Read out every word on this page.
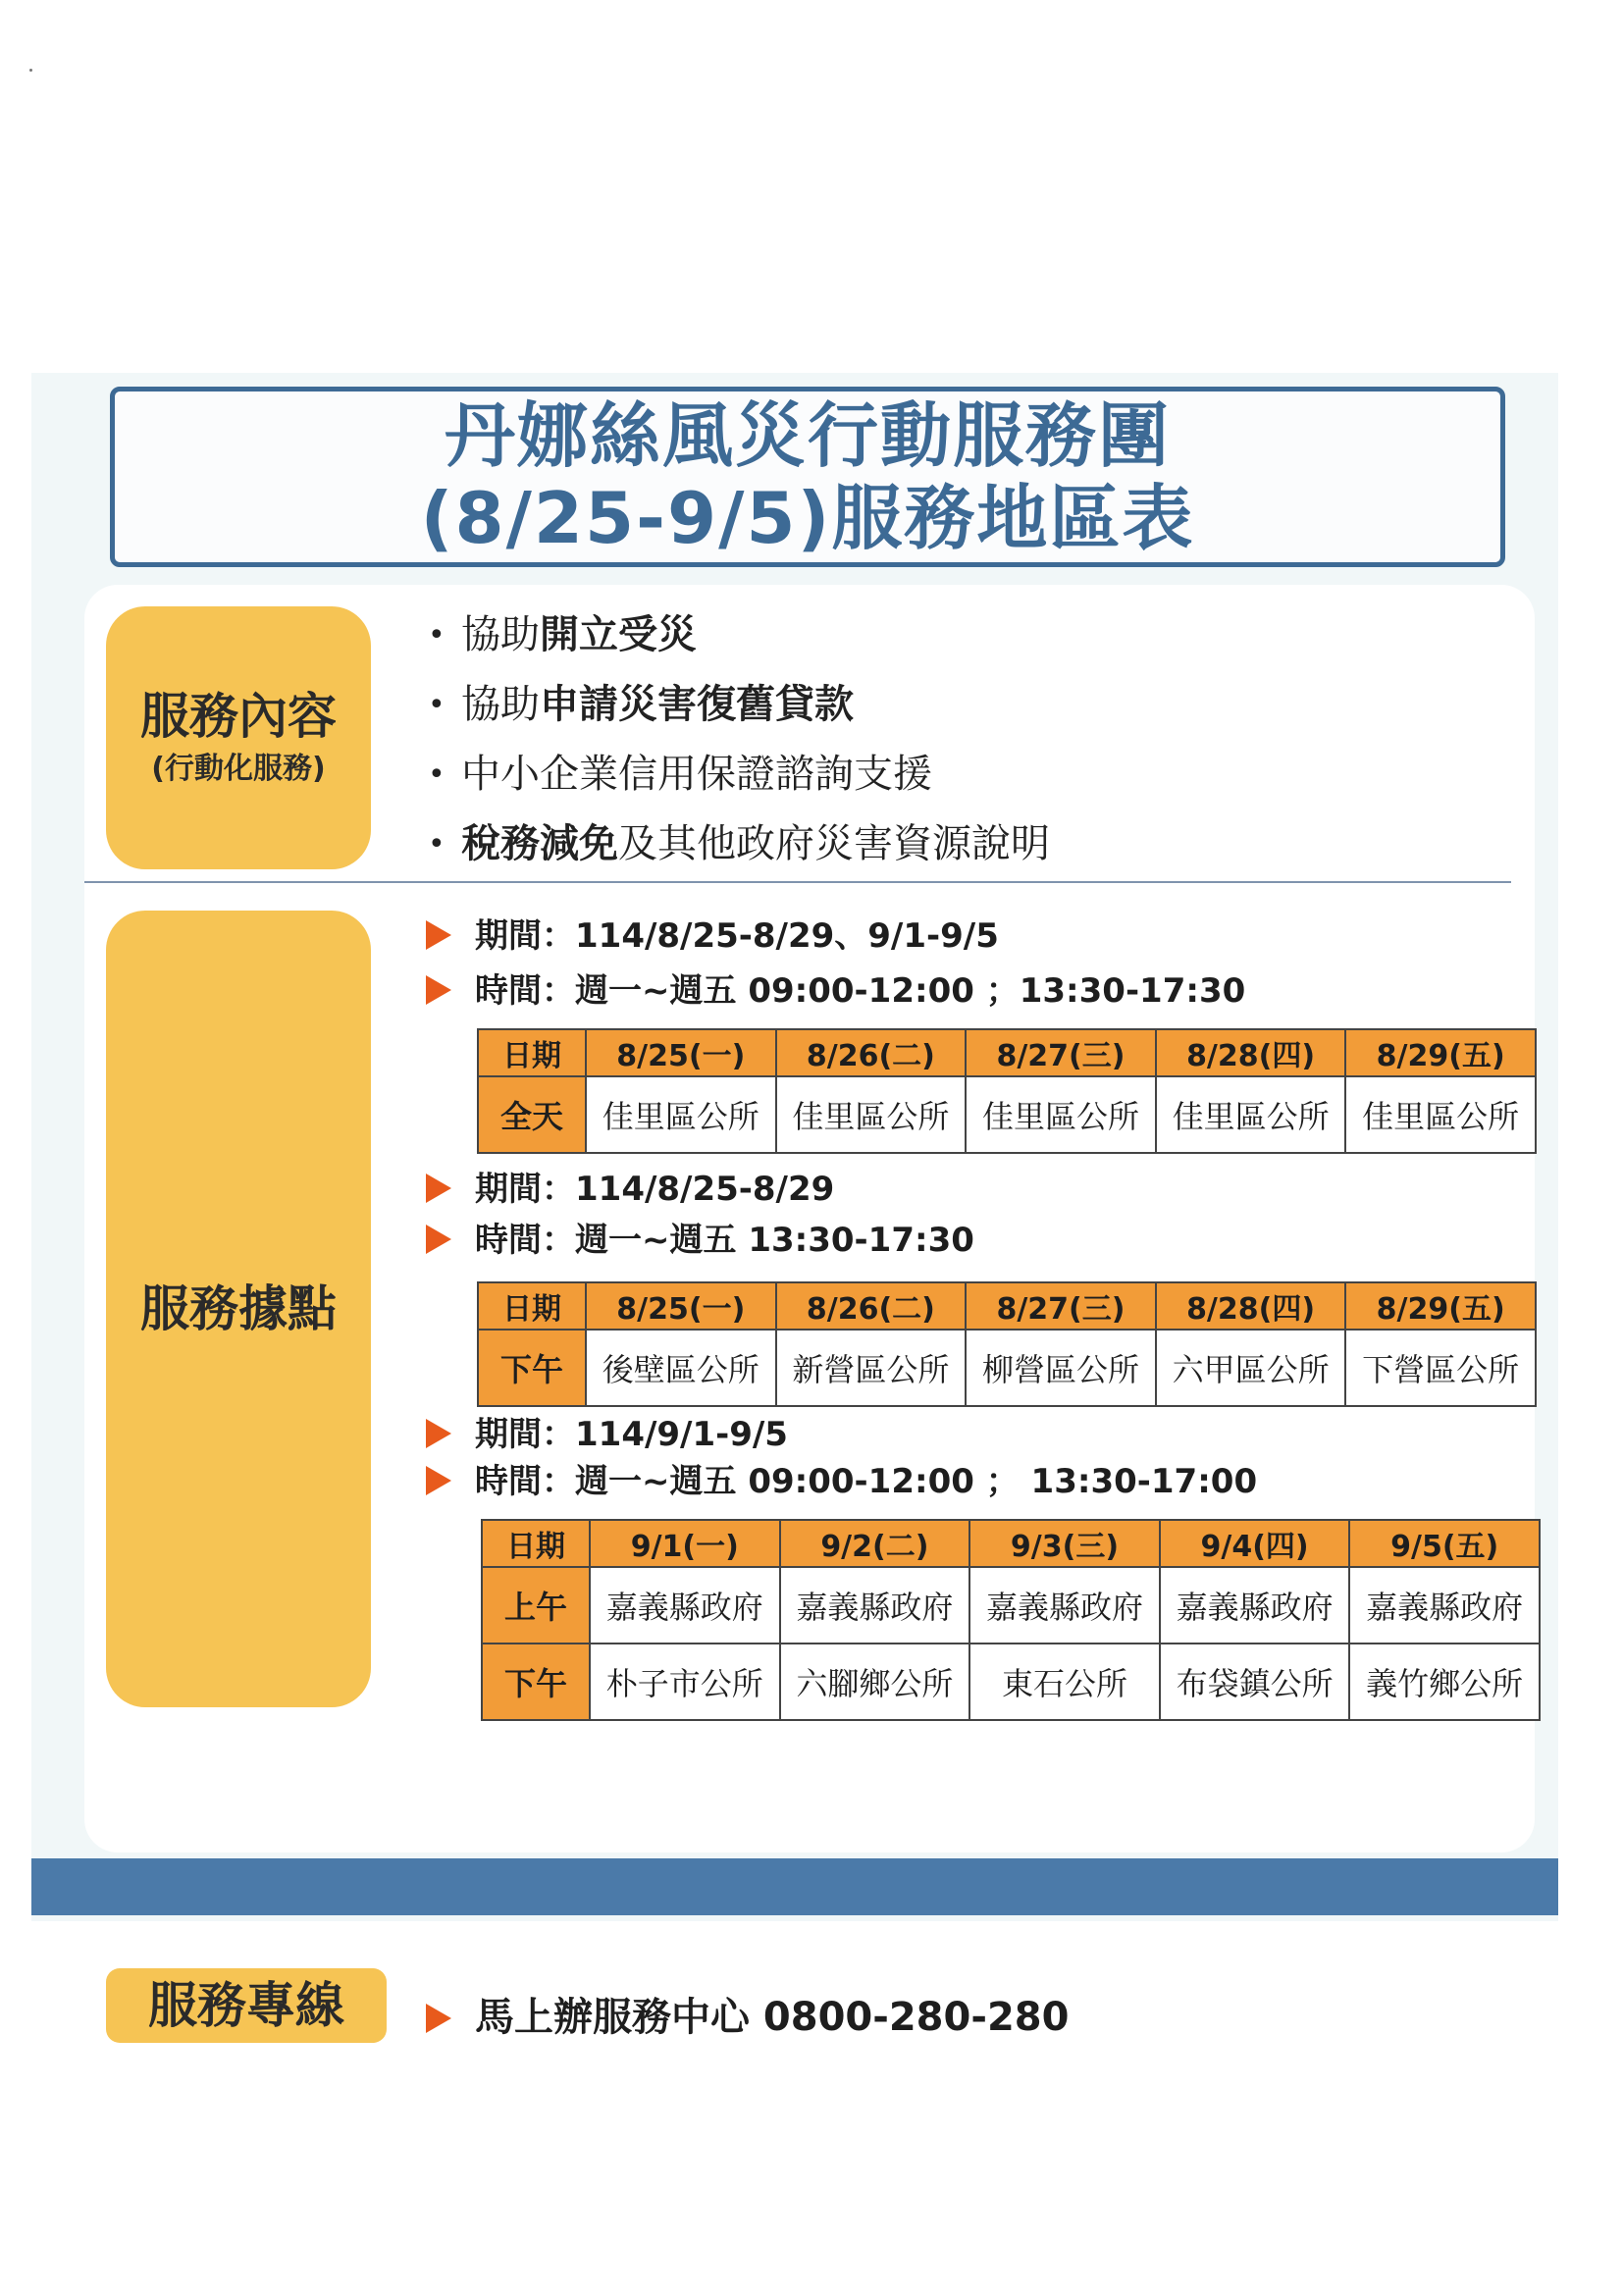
丹娜絲風災行動服務團
(8/25-9/5)服務地區表
服務內容
(行動化服務)
• 協助開立受災
• 協助申請災害復舊貸款
• 中小企業信用保證諮詢支援
• 稅務減免及其他政府災害資源說明
服務據點
期間：114/8/25-8/29、9/1-9/5
時間：週一~週五 09:00-12:00 ；13:30-17:30
日期	8/25(一)	8/26(二)	8/27(三)	8/28(四)	8/29(五)
全天	佳里區公所	佳里區公所	佳里區公所	佳里區公所	佳里區公所
期間：114/8/25-8/29
時間：週一~週五 13:30-17:30
日期	8/25(一)	8/26(二)	8/27(三)	8/28(四)	8/29(五)
下午	後壁區公所	新營區公所	柳營區公所	六甲區公所	下營區公所
期間：114/9/1-9/5
時間：週一~週五 09:00-12:00 ； 13:30-17:00
日期	9/1(一)	9/2(二)	9/3(三)	9/4(四)	9/5(五)
上午	嘉義縣政府	嘉義縣政府	嘉義縣政府	嘉義縣政府	嘉義縣政府
下午	朴子市公所	六腳鄉公所	東石公所	布袋鎮公所	義竹鄉公所
服務專線	馬上辦服務中心 0800-280-280
